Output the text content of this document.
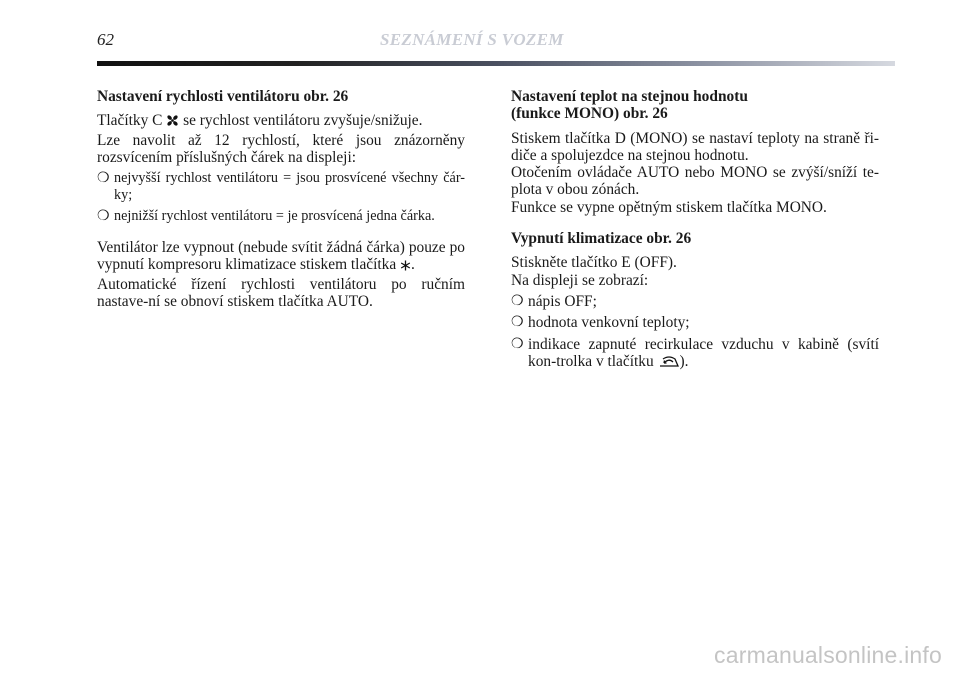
62	SEZNÁMENÍ S VOZEM
Nastavení rychlosti ventilátoru obr. 26

Tlačítky C se rychlost ventilátoru zvyšuje/snižuje.

Lze navolit až 12 rychlostí, které jsou znázorněny rozsvícením příslušných čárek na displeji:

❍ nejvyšší rychlost ventilátoru = jsou prosvícené všechny čár-ky;
❍ nejnižší rychlost ventilátoru = je prosvícená jedna čárka.

Ventilátor lze vypnout (nebude svítit žádná čárka) pouze po vypnutí kompresoru klimatizace stiskem tlačítka .

Automatické řízení rychlosti ventilátoru po ručním nastave-ní se obnoví stiskem tlačítka AUTO.

Nastavení teplot na stejnou hodnotu
(funkce MONO) obr. 26

Stiskem tlačítka D (MONO) se nastaví teploty na straně ři-diče a spolujezdce na stejnou hodnotu.

Otočením ovládače AUTO nebo MONO se zvýší/sníží te-plota v obou zónách.

Funkce se vypne opětným stiskem tlačítka MONO.

Vypnutí klimatizace obr. 26

Stiskněte tlačítko E (OFF).

Na displeji se zobrazí:

❍ nápis OFF;
❍ hodnota venkovní teploty;
❍ indikace zapnuté recirkulace vzduchu v kabině (svítí kon-trolka v tlačítku ).
carmanualsonline.info
